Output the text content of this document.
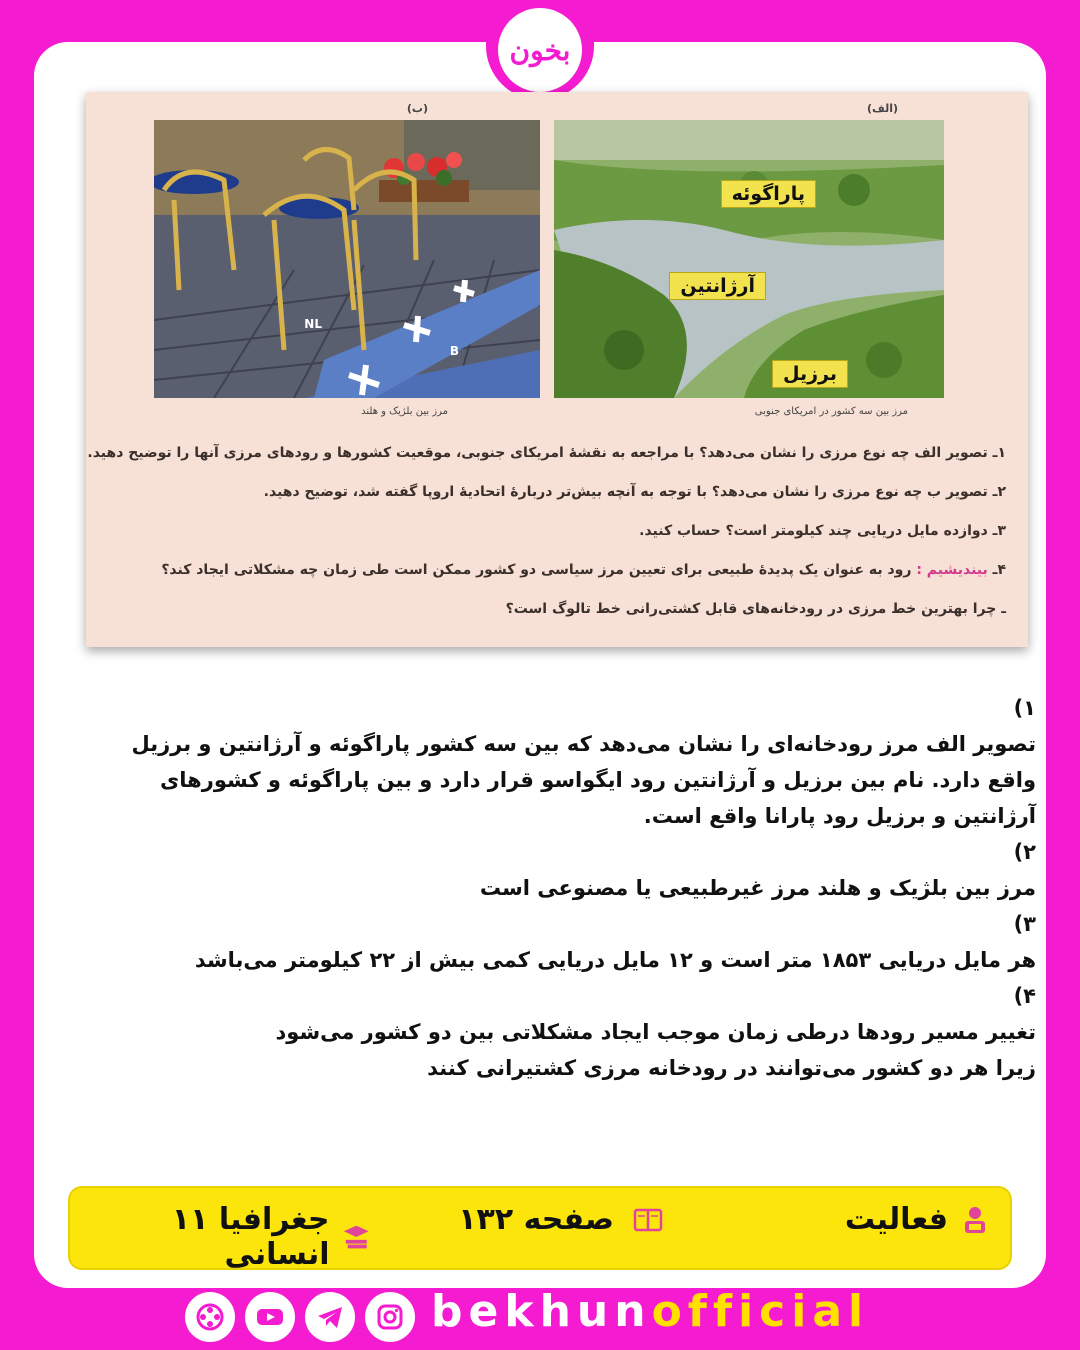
بخون
(الف)
(ب)
NL
B
پاراگوئه
آرژانتین
برزیل
مرز بین سه کشور در امریکای جنوبی
مرز بین بلژیک و هلند
۱ـ تصویر الف چه نوع مرزی را نشان می‌دهد؟ با مراجعه به نقشهٔ امریکای جنوبی، موقعیت کشورها و رودهای مرزی آنها را توضیح دهید.
۲ـ تصویر ب چه نوع مرزی را نشان می‌دهد؟ با توجه به آنچه بیش‌تر دربارهٔ اتحادیهٔ اروپا گفته شد، توضیح دهید.
۳ـ دوازده مایل دریایی چند کیلومتر است؟ حساب کنید.
۴ـ بیندیشیم : رود به عنوان یک پدیدهٔ طبیعی برای تعیین مرز سیاسی دو کشور ممکن است طی زمان چه مشکلاتی ایجاد کند؟
ـ چرا بهترین خط مرزی در رودخانه‌های قابل کشتی‌رانی خط تالوگ است؟
۱)
تصویر الف مرز رودخانه‌ای را نشان می‌دهد که بین سه کشور پاراگوئه و آرژانتین و برزیل
واقع دارد. نام بین برزیل و آرژانتین رود ایگواسو قرار دارد و بین پاراگوئه و کشورهای
آرژانتین و برزیل رود پارانا واقع است.
۲)
مرز بین بلژیک و هلند مرز غیرطبیعی یا مصنوعی است
۳)
هر مایل دریایی ۱۸۵۳ متر است و ۱۲ مایل دریایی کمی بیش از ۲۲ کیلومتر می‌باشد
۴)
تغییر مسیر رودها درطی زمان موجب ایجاد مشکلاتی بین دو کشور می‌شود
زیرا هر دو کشور می‌توانند در رودخانه مرزی کشتیرانی کنند
فعالیت
صفحه ۱۳۲
جغرافیا ۱۱ انسانی
bekhunofficial
